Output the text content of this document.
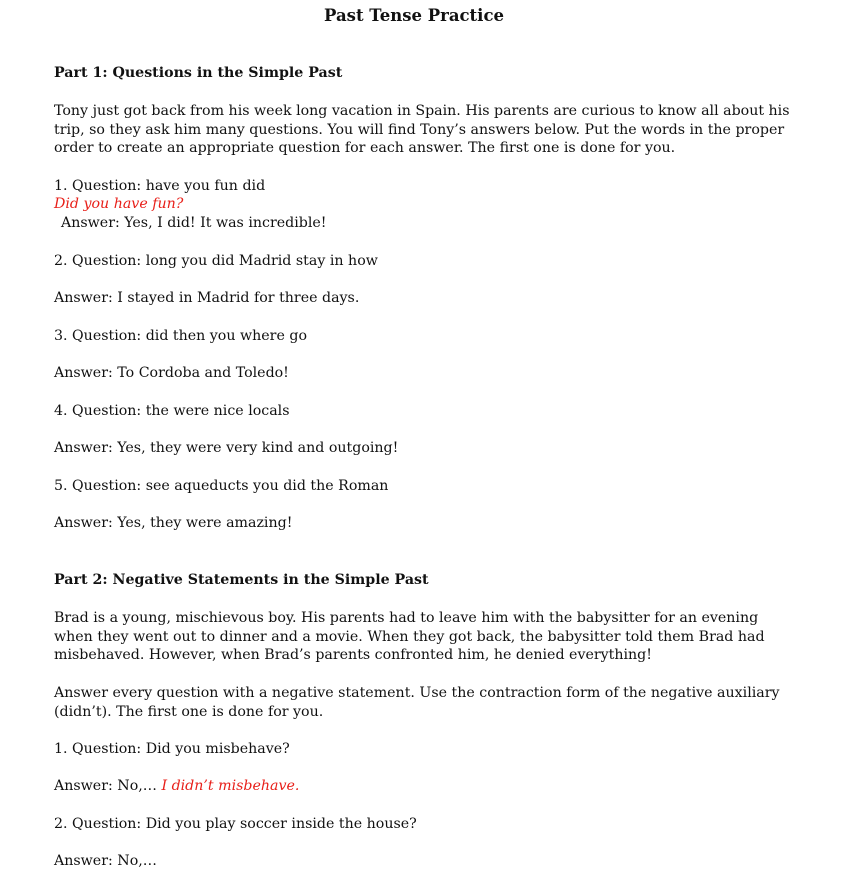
Past Tense Practice
Part 1: Questions in the Simple Past
Tony just got back from his week long vacation in Spain. His parents are curious to know all about his trip, so they ask him many questions. You will find Tony’s answers below. Put the words in the proper order to create an appropriate question for each answer. The first one is done for you.
1. Question: have you fun did
Did you have fun?
Answer: Yes, I did! It was incredible!
2. Question: long you did Madrid stay in how
Answer: I stayed in Madrid for three days.
3. Question: did then you where go
Answer: To Cordoba and Toledo!
4. Question: the were nice locals
Answer: Yes, they were very kind and outgoing!
5. Question: see aqueducts you did the Roman
Answer: Yes, they were amazing!
Part 2: Negative Statements in the Simple Past
Brad is a young, mischievous boy. His parents had to leave him with the babysitter for an evening when they went out to dinner and a movie. When they got back, the babysitter told them Brad had misbehaved. However, when Brad’s parents confronted him, he denied everything!
Answer every question with a negative statement. Use the contraction form of the negative auxiliary (didn’t). The first one is done for you.
1. Question: Did you misbehave?
Answer: No,… I didn’t misbehave.
2. Question: Did you play soccer inside the house?
Answer: No,…
